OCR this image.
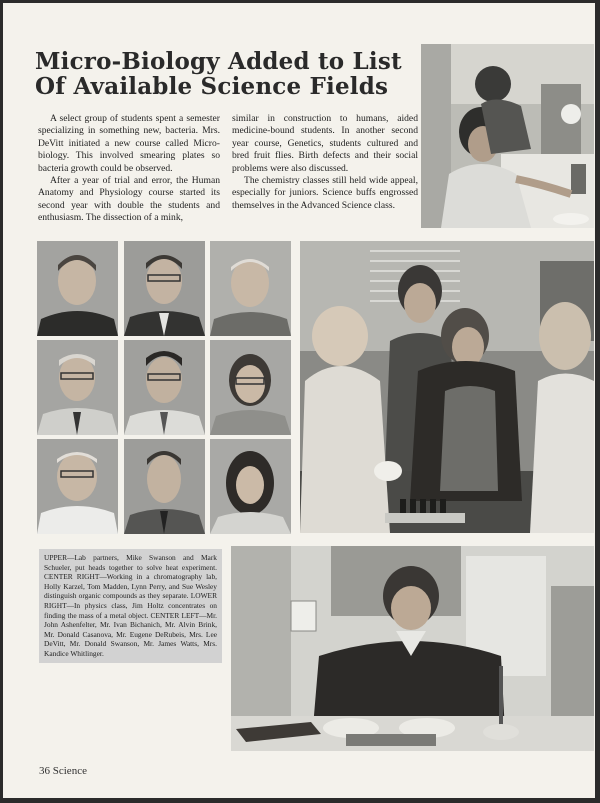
Micro-Biology Added to List
Of Available Science Fields

A select group of students spent a semester specializing in something new, bacteria. Mrs. DeVitt initiated a new course called Micro-biology. This involved smearing plates so bacteria growth could be observed.

After a year of trial and error, the Human Anatomy and Physiology course started its second year with double the students and enthusiasm. The dissection of a mink,

similar in construction to humans, aided medicine-bound students. In another second year course, Genetics, students cultured and bred fruit flies. Birth defects and their social problems were also discussed.

The chemistry classes still held wide appeal, especially for juniors. Science buffs engrossed themselves in the Advanced Science class.

UPPER—Lab partners, Mike Swanson and Mark Schueler, put heads together to solve heat experiment. CENTER RIGHT—Working in a chromatography lab, Holly Karzel, Tom Madden, Lynn Perry, and Sue Wesley distinguish organic compounds as they separate. LOWER RIGHT—In physics class, Jim Holtz concentrates on finding the mass of a metal object. CENTER LEFT—Mr. John Ashenfelter, Mr. Ivan Bichanich, Mr. Alvin Brink, Mr. Donald Casanova, Mr. Eugene DeRubeis, Mrs. Lee DeVitt, Mr. Donald Swanson, Mr. James Watts, Mrs. Kandice Whitlinger.
36 Science
